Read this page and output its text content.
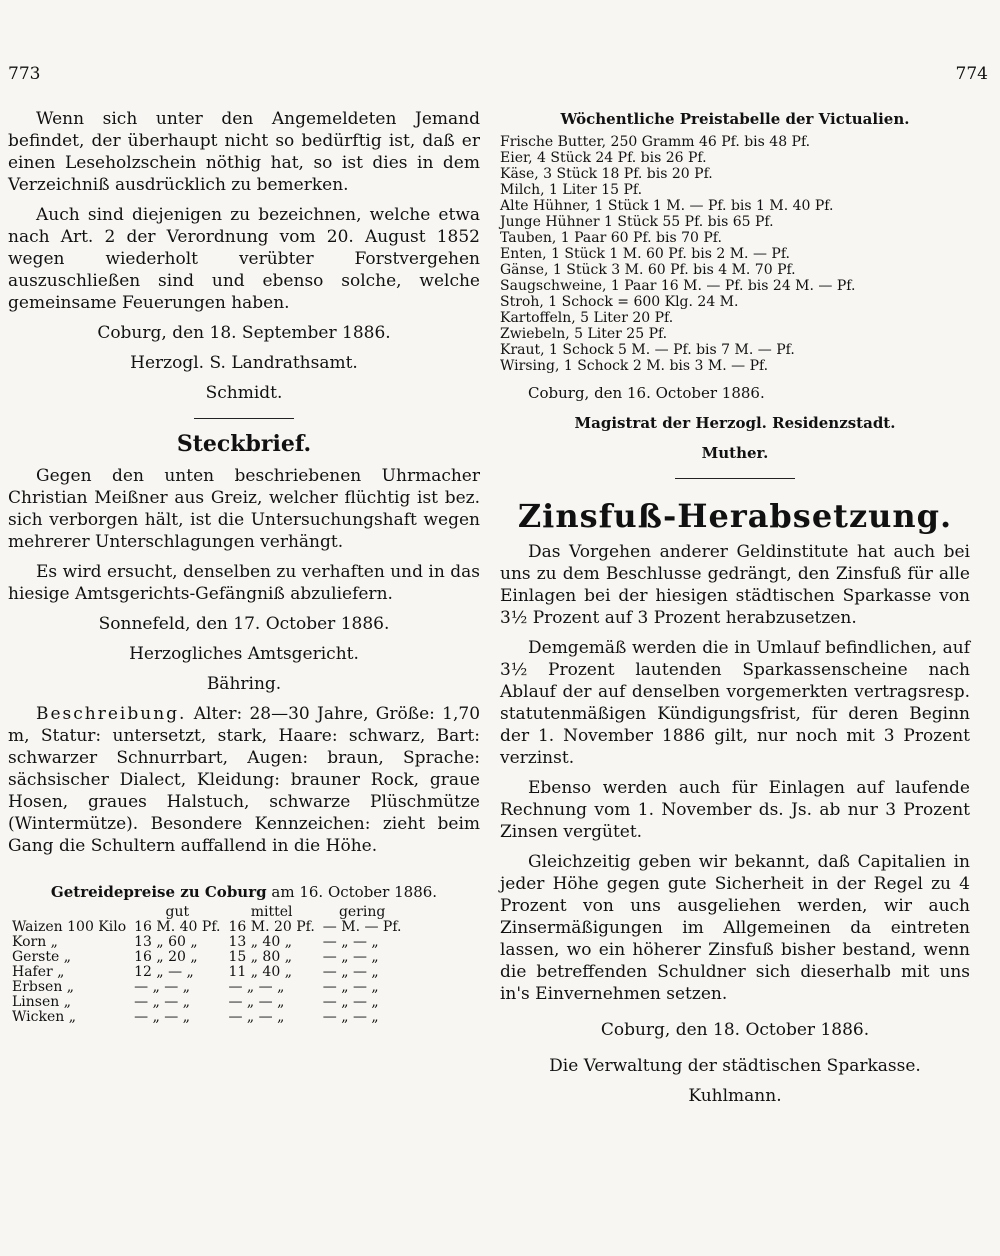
773	774

Wenn sich unter den Angemeldeten Jemand befindet, der überhaupt nicht so bedürftig ist, daß er einen Leseholzschein nöthig hat, so ist dies in dem Verzeichniß ausdrücklich zu bemerken.

Auch sind diejenigen zu bezeichnen, welche etwa nach Art. 2 der Verordnung vom 20. August 1852 wegen wiederholt verübter Forstvergehen auszuschließen sind und ebenso solche, welche gemeinsame Feuerungen haben.

Coburg, den 18. September 1886.

Herzogl. S. Landrathsamt.

Schmidt.

Steckbrief.

Gegen den unten beschriebenen Uhrmacher Christian Meißner aus Greiz, welcher flüchtig ist bez. sich verborgen hält, ist die Untersuchungshaft wegen mehrerer Unterschlagungen verhängt.

Es wird ersucht, denselben zu verhaften und in das hiesige Amtsgerichts-Gefängniß abzuliefern.

Sonnefeld, den 17. October 1886.

Herzogliches Amtsgericht.

Bähring.

Beschreibung. Alter: 28—30 Jahre, Größe: 1,70 m, Statur: untersetzt, stark, Haare: schwarz, Bart: schwarzer Schnurrbart, Augen: braun, Sprache: sächsischer Dialect, Kleidung: brauner Rock, graue Hosen, graues Halstuch, schwarze Plüschmütze (Wintermütze). Besondere Kennzeichen: zieht beim Gang die Schultern auffallend in die Höhe.

Getreidepreise zu Coburg am 16. October 1886.
	gut	mittel	gering
Waizen 100 Kilo	16 M. 40 Pf.	16 M. 20 Pf.	— M. — Pf.
Korn „	13 „ 60 „	13 „ 40 „	— „ — „
Gerste „	16 „ 20 „	15 „ 80 „	— „ — „
Hafer „	12 „ — „	11 „ 40 „	— „ — „
Erbsen „	— „ — „	— „ — „	— „ — „
Linsen „	— „ — „	— „ — „	— „ — „
Wicken „	— „ — „	— „ — „	— „ — „
Wöchentliche Preistabelle der Victualien.
Frische Butter, 250 Gramm 46 Pf. bis 48 Pf.
Eier, 4 Stück 24 Pf. bis 26 Pf.
Käse, 3 Stück 18 Pf. bis 20 Pf.
Milch, 1 Liter 15 Pf.
Alte Hühner, 1 Stück 1 M. — Pf. bis 1 M. 40 Pf.
Junge Hühner 1 Stück 55 Pf. bis 65 Pf.
Tauben, 1 Paar 60 Pf. bis 70 Pf.
Enten, 1 Stück 1 M. 60 Pf. bis 2 M. — Pf.
Gänse, 1 Stück 3 M. 60 Pf. bis 4 M. 70 Pf.
Saugschweine, 1 Paar 16 M. — Pf. bis 24 M. — Pf.
Stroh, 1 Schock = 600 Klg. 24 M.
Kartoffeln, 5 Liter 20 Pf.
Zwiebeln, 5 Liter 25 Pf.
Kraut, 1 Schock 5 M. — Pf. bis 7 M. — Pf.
Wirsing, 1 Schock 2 M. bis 3 M. — Pf.

Coburg, den 16. October 1886.

Magistrat der Herzogl. Residenzstadt.

Muther.

Zinsfuß-Herabsetzung.

Das Vorgehen anderer Geldinstitute hat auch bei uns zu dem Beschlusse gedrängt, den Zinsfuß für alle Einlagen bei der hiesigen städtischen Sparkasse von 3½ Prozent auf 3 Prozent herabzusetzen.

Demgemäß werden die in Umlauf befindlichen, auf 3½ Prozent lautenden Sparkassenscheine nach Ablauf der auf denselben vorgemerkten vertragsresp. statutenmäßigen Kündigungsfrist, für deren Beginn der 1. November 1886 gilt, nur noch mit 3 Prozent verzinst.

Ebenso werden auch für Einlagen auf laufende Rechnung vom 1. November ds. Js. ab nur 3 Prozent Zinsen vergütet.

Gleichzeitig geben wir bekannt, daß Capitalien in jeder Höhe gegen gute Sicherheit in der Regel zu 4 Prozent von uns ausgeliehen werden, wir auch Zinsermäßigungen im Allgemeinen da eintreten lassen, wo ein höherer Zinsfuß bisher bestand, wenn die betreffenden Schuldner sich dieserhalb mit uns in's Einvernehmen setzen.

Coburg, den 18. October 1886.

Die Verwaltung der städtischen Sparkasse.

Kuhlmann.
